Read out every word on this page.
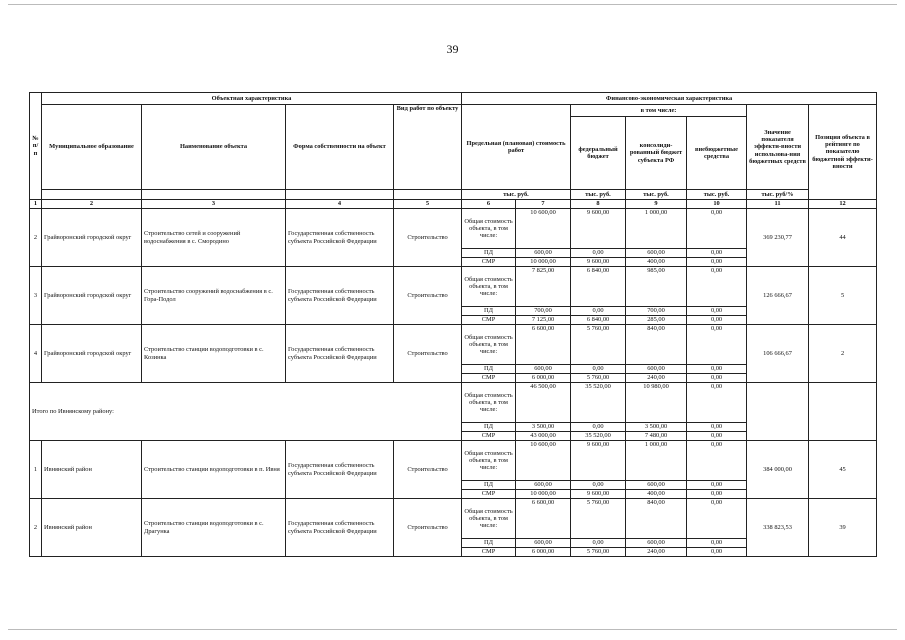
39
№ п/п	Объектная характеристика				Финансово-экономическая характеристика						
	Муниципальное образование	Наименование объекта	Форма собственности на объект	Вид работ по объекту	Предельная (плановая) стоимость работ		в том числе:			Значение показателя эффекти-вности использова-ния бюджетных средств	Позиция объекта в рейтинге по показателю бюджетной эффекти-вности
							федеральный бюджет	консолиди-рованный бюджет субъекта РФ	внебюджетные средства		
					тыс. руб.		тыс. руб.	тыс. руб.	тыс. руб.	тыс. руб/%	
1	2	3	4	5	6	7	8	9	10	11	12
2	Грайворонский городской округ	Строительство сетей и сооружений водоснабжения в с. Смородино	Государственная собственность субъекта Российской Федерации	Строительство	Общая стоимость объекта, в том числе:	10 600,00	9 600,00	1 000,00	0,00	369 230,77	44
					ПД	600,00	0,00	600,00	0,00		
					СМР	10 000,00	9 600,00	400,00	0,00		
3	Грайворонский городской округ	Строительство сооружений водоснабжения в с. Гора-Подол	Государственная собственность субъекта Российской Федерации	Строительство	Общая стоимость объекта, в том числе:	7 825,00	6 840,00	985,00	0,00	126 666,67	5
					ПД	700,00	0,00	700,00	0,00		
					СМР	7 125,00	6 840,00	285,00	0,00		
4	Грайворонский городской округ	Строительство станции водоподготовки в с. Козинка	Государственная собственность субъекта Российской Федерации	Строительство	Общая стоимость объекта, в том числе:	6 600,00	5 760,00	840,00	0,00	106 666,67	2
					ПД	600,00	0,00	600,00	0,00		
					СМР	6 000,00	5 760,00	240,00	0,00		
Итого по Ивнянскому району:					Общая стоимость объекта, в том числе:	46 500,00	35 520,00	10 980,00	0,00		
					ПД	3 500,00	0,00	3 500,00	0,00		
					СМР	43 000,00	35 520,00	7 480,00	0,00		
1	Ивнянский район	Строительство станции водоподготовки в п. Ивня	Государственная собственность субъекта Российской Федерации	Строительство	Общая стоимость объекта, в том числе:	10 600,00	9 600,00	1 000,00	0,00	384 000,00	45
					ПД	600,00	0,00	600,00	0,00		
					СМР	10 000,00	9 600,00	400,00	0,00		
2	Ивнянский район	Строительство станции водоподготовки в с. Драгунка	Государственная собственность субъекта Российской Федерации	Строительство	Общая стоимость объекта, в том числе:	6 600,00	5 760,00	840,00	0,00	338 823,53	39
					ПД	600,00	0,00	600,00	0,00		
					СМР	6 000,00	5 760,00	240,00	0,00		
